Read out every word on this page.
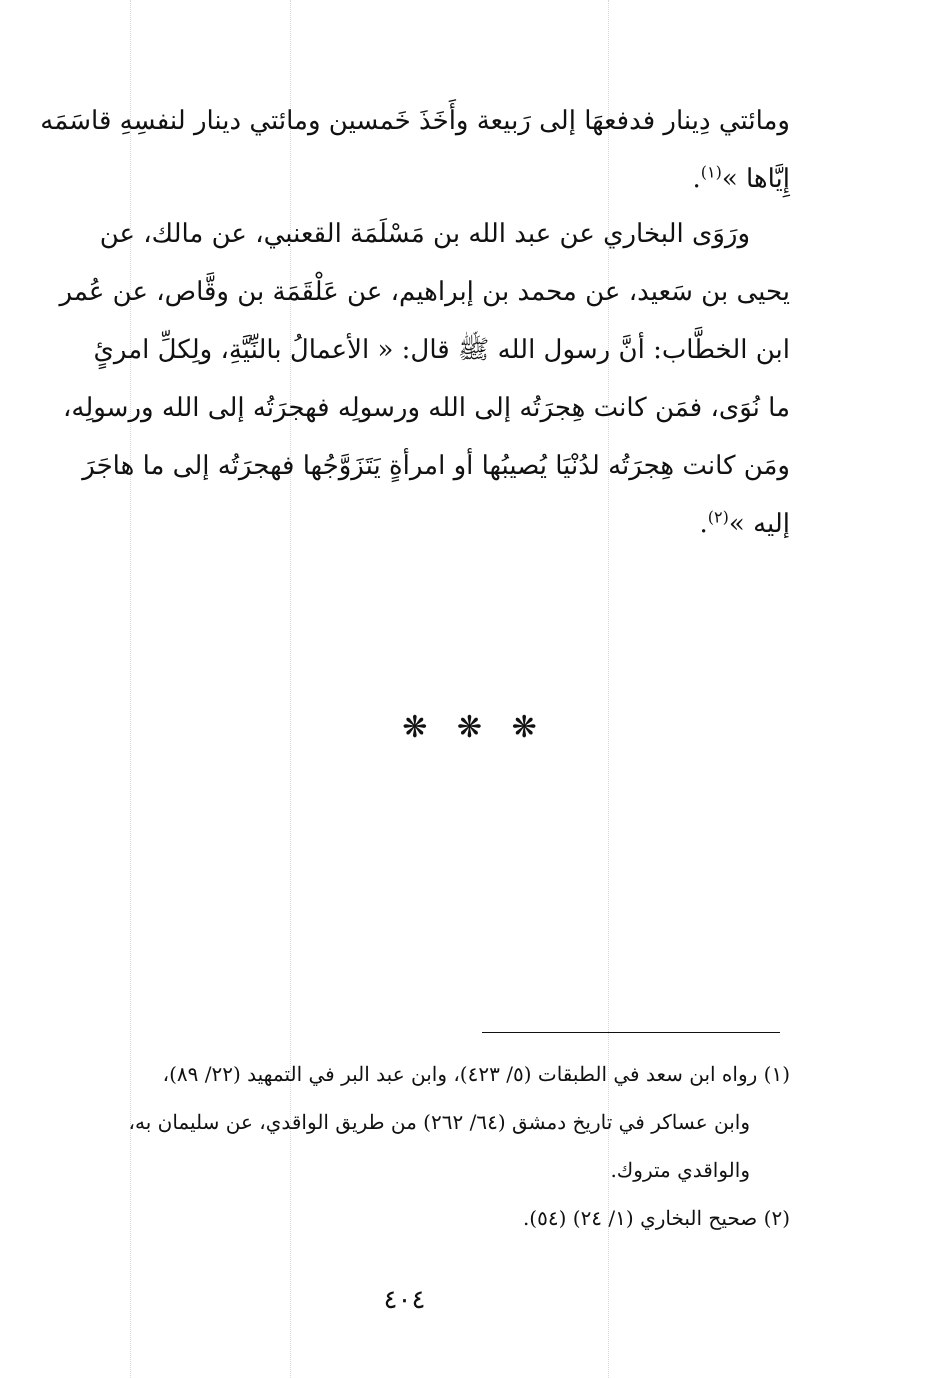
ومائتي دِينار فدفعهَا إلى رَبيعة وأَخَذَ خَمسين ومائتي دينار لنفسِهِ قاسَمَه
إِيَّاها »$^{(١)}$.

ورَوَى البخاري عن عبد الله بن مَسْلَمَة القعنبي، عن مالك، عن
يحيى بن سَعيد، عن محمد بن إبراهيم، عن عَلْقَمَة بن وقَّاص، عن عُمر
ابن الخطَّاب: أنَّ رسول الله ﷺ قال: « الأعمالُ بالنِّيَّةِ، ولِكلِّ امرئٍ
ما نُوَى، فمَن كانت هِجرَتُه إلى الله ورسولِه فهجرَتُه إلى الله ورسولِه،
ومَن كانت هِجرَتُه لدُنْيَا يُصيبُها أو امرأةٍ يَتَزَوَّجُها فهجرَتُه إلى ما هاجَرَ
إليه »$^{(٢)}$.

❋ ❋ ❋

(١) رواه ابن سعد في الطبقات (٥/ ٤٢٣)، وابن عبد البر في التمهيد (٢٢/ ٨٩)،
وابن عساكر في تاريخ دمشق (٦٤/ ٢٦٢) من طريق الواقدي، عن سليمان به،
والواقدي متروك.

(٢) صحيح البخاري (١/ ٢٤) (٥٤).

٤٠٤
